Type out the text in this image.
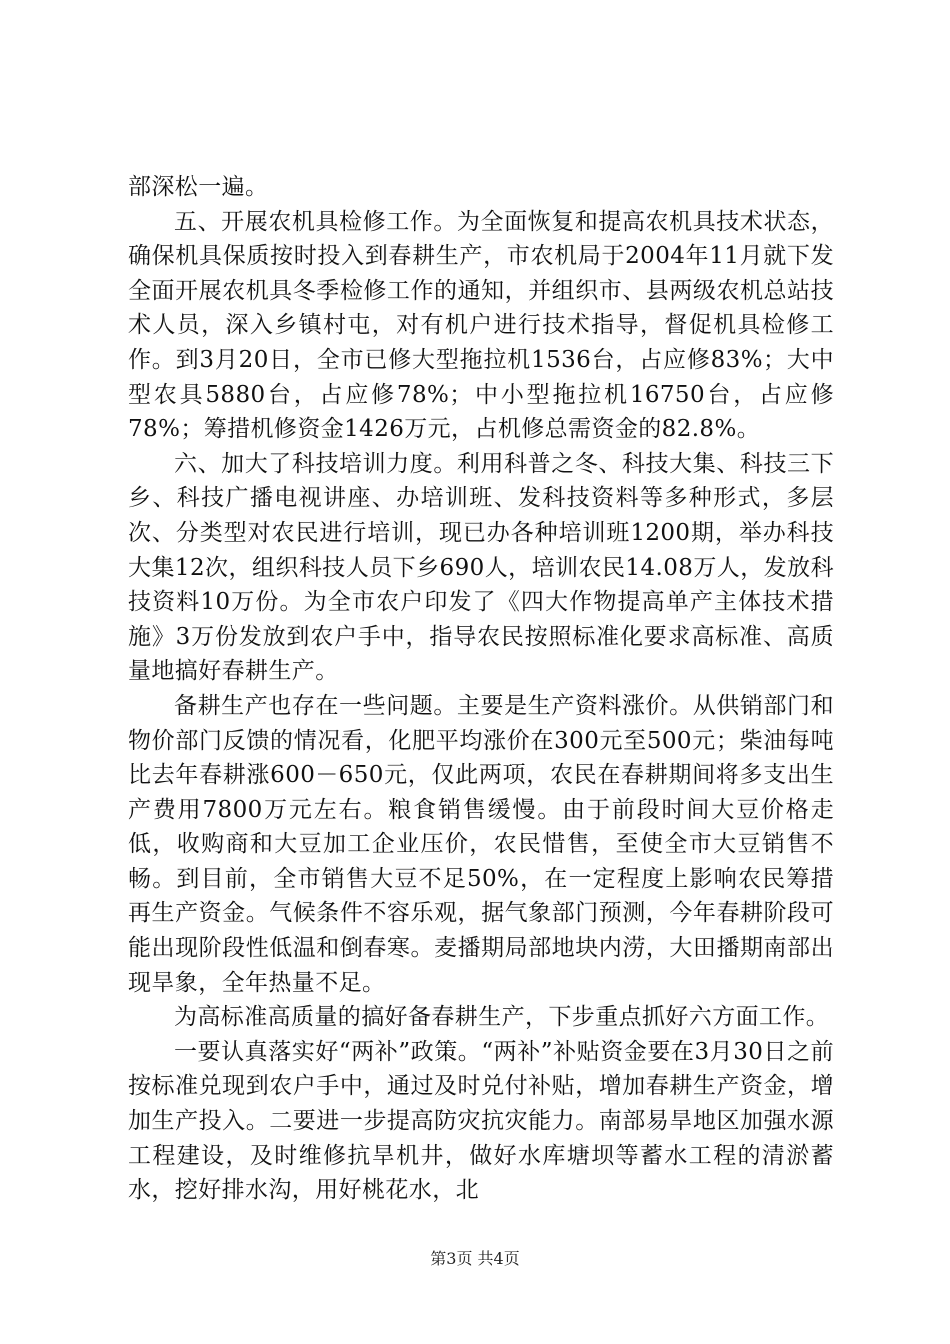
部深松一遍。

五、开展农机具检修工作。为全面恢复和提高农机具技术状态，确保机具保质按时投入到春耕生产，市农机局于2004年11月就下发全面开展农机具冬季检修工作的通知，并组织市、县两级农机总站技术人员，深入乡镇村屯，对有机户进行技术指导，督促机具检修工作。到3月20日，全市已修大型拖拉机1536台，占应修83%；大中型农具5880台，占应修78%；中小型拖拉机16750台，占应修78%；筹措机修资金1426万元，占机修总需资金的82.8%。

六、加大了科技培训力度。利用科普之冬、科技大集、科技三下乡、科技广播电视讲座、办培训班、发科技资料等多种形式，多层次、分类型对农民进行培训，现已办各种培训班1200期，举办科技大集12次，组织科技人员下乡690人，培训农民14.08万人，发放科技资料10万份。为全市农户印发了《四大作物提高单产主体技术措施》3万份发放到农户手中，指导农民按照标准化要求高标准、高质量地搞好春耕生产。

备耕生产也存在一些问题。主要是生产资料涨价。从供销部门和物价部门反馈的情况看，化肥平均涨价在300元至500元；柴油每吨比去年春耕涨600－650元，仅此两项，农民在春耕期间将多支出生产费用7800万元左右。粮食销售缓慢。由于前段时间大豆价格走低，收购商和大豆加工企业压价，农民惜售，至使全市大豆销售不畅。到目前，全市销售大豆不足50%，在一定程度上影响农民筹措再生产资金。气候条件不容乐观，据气象部门预测，今年春耕阶段可能出现阶段性低温和倒春寒。麦播期局部地块内涝，大田播期南部出现旱象，全年热量不足。

为高标准高质量的搞好备春耕生产，下步重点抓好六方面工作。

一要认真落实好“两补”政策。“两补”补贴资金要在3月30日之前按标准兑现到农户手中，通过及时兑付补贴，增加春耕生产资金，增加生产投入。二要进一步提高防灾抗灾能力。南部易旱地区加强水源工程建设，及时维修抗旱机井，做好水库塘坝等蓄水工程的清淤蓄水，挖好排水沟，用好桃花水，北

第3页 共4页
